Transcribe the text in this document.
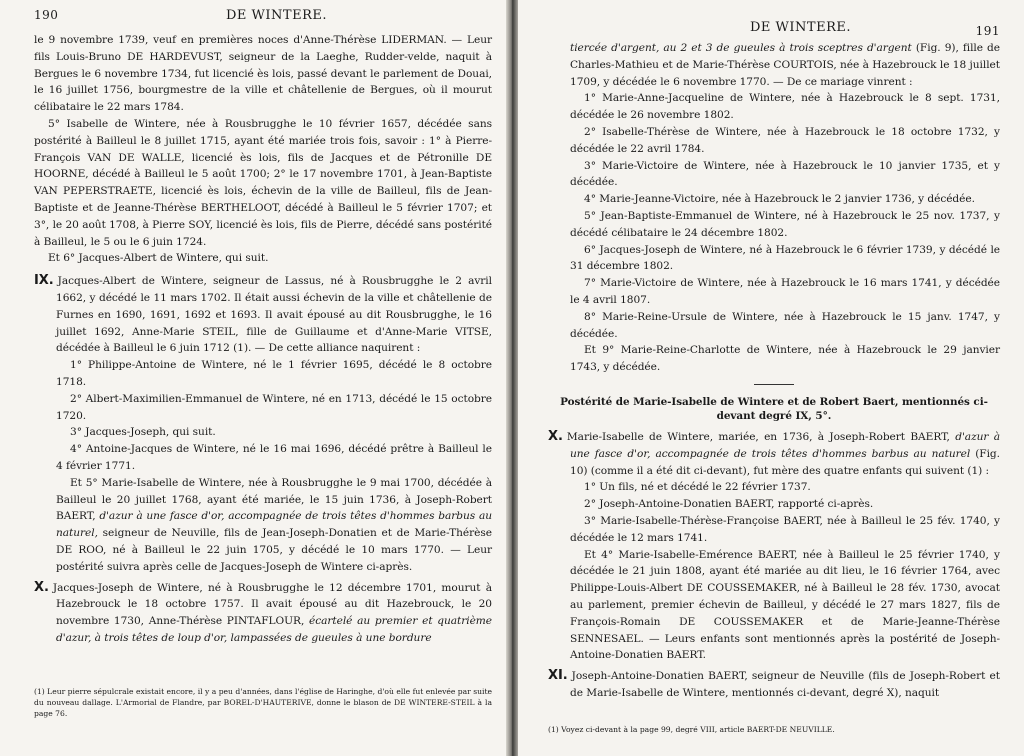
190	DE WINTERE.

le 9 novembre 1739, veuf en premières noces d'Anne-Thérèse LIDERMAN. — Leur fils Louis-Bruno DE HARDEVUST, seigneur de la Laeghe, Rudder-velde, naquit à Bergues le 6 novembre 1734, fut licencié ès lois, passé devant le parlement de Douai, le 16 juillet 1756, bourgmestre de la ville et châtellenie de Bergues, où il mourut célibataire le 22 mars 1784.

5° Isabelle de Wintere, née à Rousbrugghe le 10 février 1657, décédée sans postérité à Bailleul le 8 juillet 1715, ayant été mariée trois fois, savoir : 1° à Pierre-François VAN DE WALLE, licencié ès lois, fils de Jacques et de Pétronille DE HOORNE, décédé à Bailleul le 5 août 1700; 2° le 17 novembre 1701, à Jean-Baptiste VAN PEPERSTRAETE, licencié ès lois, échevin de la ville de Bailleul, fils de Jean-Baptiste et de Jeanne-Thérèse BERTHELOOT, décédé à Bailleul le 5 février 1707; et 3°, le 20 août 1708, à Pierre SOY, licencié ès lois, fils de Pierre, décédé sans postérité à Bailleul, le 5 ou le 6 juin 1724.

Et 6° Jacques-Albert de Wintere, qui suit.

IX. Jacques-Albert de Wintere, seigneur de Lassus, né à Rousbrugghe le 2 avril 1662, y décédé le 11 mars 1702. Il était aussi échevin de la ville et châtellenie de Furnes en 1690, 1691, 1692 et 1693. Il avait épousé au dit Rousbrugghe, le 16 juillet 1692, Anne-Marie STEIL, fille de Guillaume et d'Anne-Marie VITSE, décédée à Bailleul le 6 juin 1712 (1). — De cette alliance naquirent :

1° Philippe-Antoine de Wintere, né le 1 février 1695, décédé le 8 octobre 1718.

2° Albert-Maximilien-Emmanuel de Wintere, né en 1713, décédé le 15 octobre 1720.

3° Jacques-Joseph, qui suit.

4° Antoine-Jacques de Wintere, né le 16 mai 1696, décédé prêtre à Bailleul le 4 février 1771.

Et 5° Marie-Isabelle de Wintere, née à Rousbrugghe le 9 mai 1700, décédée à Bailleul le 20 juillet 1768, ayant été mariée, le 15 juin 1736, à Joseph-Robert BAERT, d'azur à une fasce d'or, accompagnée de trois têtes d'hommes barbus au naturel, seigneur de Neuville, fils de Jean-Joseph-Donatien et de Marie-Thérèse DE ROO, né à Bailleul le 22 juin 1705, y décédé le 10 mars 1770. — Leur postérité suivra après celle de Jacques-Joseph de Wintere ci-après.

X. Jacques-Joseph de Wintere, né à Rousbrugghe le 12 décembre 1701, mourut à Hazebrouck le 18 octobre 1757. Il avait épousé au dit Hazebrouck, le 20 novembre 1730, Anne-Thérèse PINTAFLOUR, écartelé au premier et quatrième d'azur, à trois têtes de loup d'or, lampassées de gueules à une bordure

(1) Leur pierre sépulcrale existait encore, il y a peu d'années, dans l'église de Haringhe, d'où elle fut enlevée par suite du nouveau dallage. L'Armorial de Flandre, par BOREL-D'HAUTERIVE, donne le blason de DE WINTERE-STEIL à la page 76.
DE WINTERE.	191

tiercée d'argent, au 2 et 3 de gueules à trois sceptres d'argent (Fig. 9), fille de Charles-Mathieu et de Marie-Thérèse COURTOIS, née à Hazebrouck le 18 juillet 1709, y décédée le 6 novembre 1770. — De ce mariage vinrent :

1° Marie-Anne-Jacqueline de Wintere, née à Hazebrouck le 8 sept. 1731, décédée le 26 novembre 1802.

2° Isabelle-Thérèse de Wintere, née à Hazebrouck le 18 octobre 1732, y décédée le 22 avril 1784.

3° Marie-Victoire de Wintere, née à Hazebrouck le 10 janvier 1735, et y décédée.

4° Marie-Jeanne-Victoire, née à Hazebrouck le 2 janvier 1736, y décédée.

5° Jean-Baptiste-Emmanuel de Wintere, né à Hazebrouck le 25 nov. 1737, y décédé célibataire le 24 décembre 1802.

6° Jacques-Joseph de Wintere, né à Hazebrouck le 6 février 1739, y décédé le 31 décembre 1802.

7° Marie-Victoire de Wintere, née à Hazebrouck le 16 mars 1741, y décédée le 4 avril 1807.

8° Marie-Reine-Ursule de Wintere, née à Hazebrouck le 15 janv. 1747, y décédée.

Et 9° Marie-Reine-Charlotte de Wintere, née à Hazebrouck le 29 janvier 1743, y décédée.

Postérité de Marie-Isabelle de Wintere et de Robert Baert, mentionnés ci-devant degré IX, 5°.

X. Marie-Isabelle de Wintere, mariée, en 1736, à Joseph-Robert BAERT, d'azur à une fasce d'or, accompagnée de trois têtes d'hommes barbus au naturel (Fig. 10) (comme il a été dit ci-devant), fut mère des quatre enfants qui suivent (1) :

1° Un fils, né et décédé le 22 février 1737.

2° Joseph-Antoine-Donatien BAERT, rapporté ci-après.

3° Marie-Isabelle-Thérèse-Françoise BAERT, née à Bailleul le 25 fév. 1740, y décédée le 12 mars 1741.

Et 4° Marie-Isabelle-Emérence BAERT, née à Bailleul le 25 février 1740, y décédée le 21 juin 1808, ayant été mariée au dit lieu, le 16 février 1764, avec Philippe-Louis-Albert DE COUSSEMAKER, né à Bailleul le 28 fév. 1730, avocat au parlement, premier échevin de Bailleul, y décédé le 27 mars 1827, fils de François-Romain DE COUSSEMAKER et de Marie-Jeanne-Thérèse SENNESAEL. — Leurs enfants sont mentionnés après la postérité de Joseph-Antoine-Donatien BAERT.

XI. Joseph-Antoine-Donatien BAERT, seigneur de Neuville (fils de Joseph-Robert et de Marie-Isabelle de Wintere, mentionnés ci-devant, degré X), naquit

(1) Voyez ci-devant à la page 99, degré VIII, article BAERT-DE NEUVILLE.
